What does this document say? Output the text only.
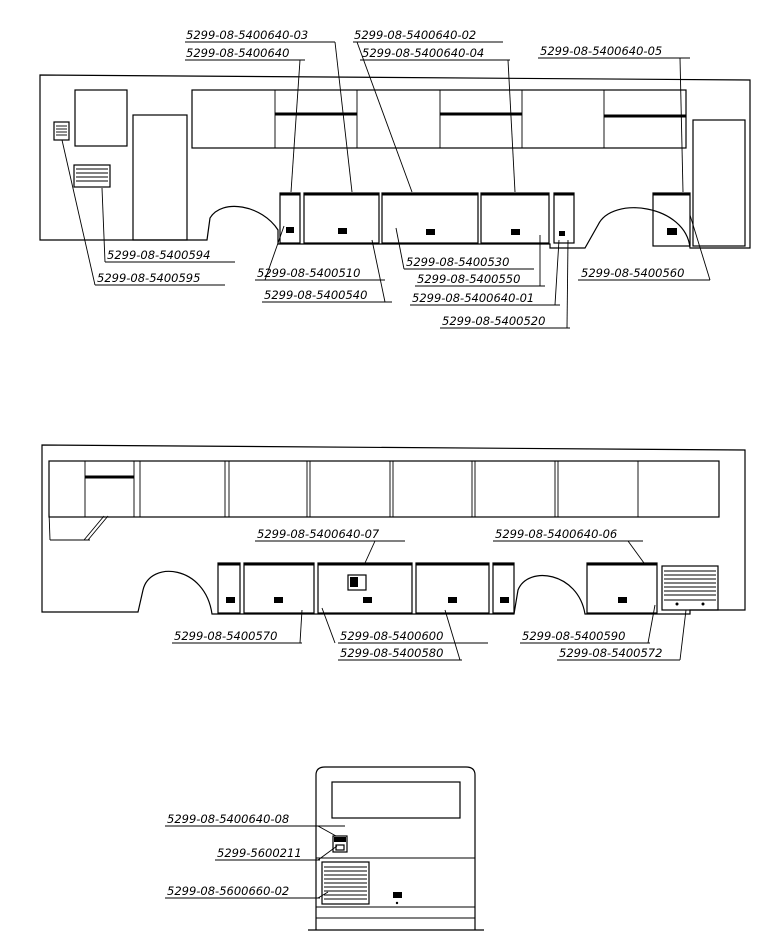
5299-08-5400640-03
5299-08-5400640
5299-08-5400640-02
5299-08-5400640-04	5299-08-5400640-05
5299-08-5400594
5299-08-5400595	5299-08-5400510
5299-08-5400540
5299-08-5400530
5299-08-5400550
5299-08-5400640-01
5299-08-5400520
5299-08-5400560
5299-08-5400640-07	5299-08-5400640-06
5299-08-5400570	5299-08-5400600
5299-08-5400580
5299-08-5400590
5299-08-5400572
5299-08-5400640-08
5299-5600211
5299-08-5600660-02
